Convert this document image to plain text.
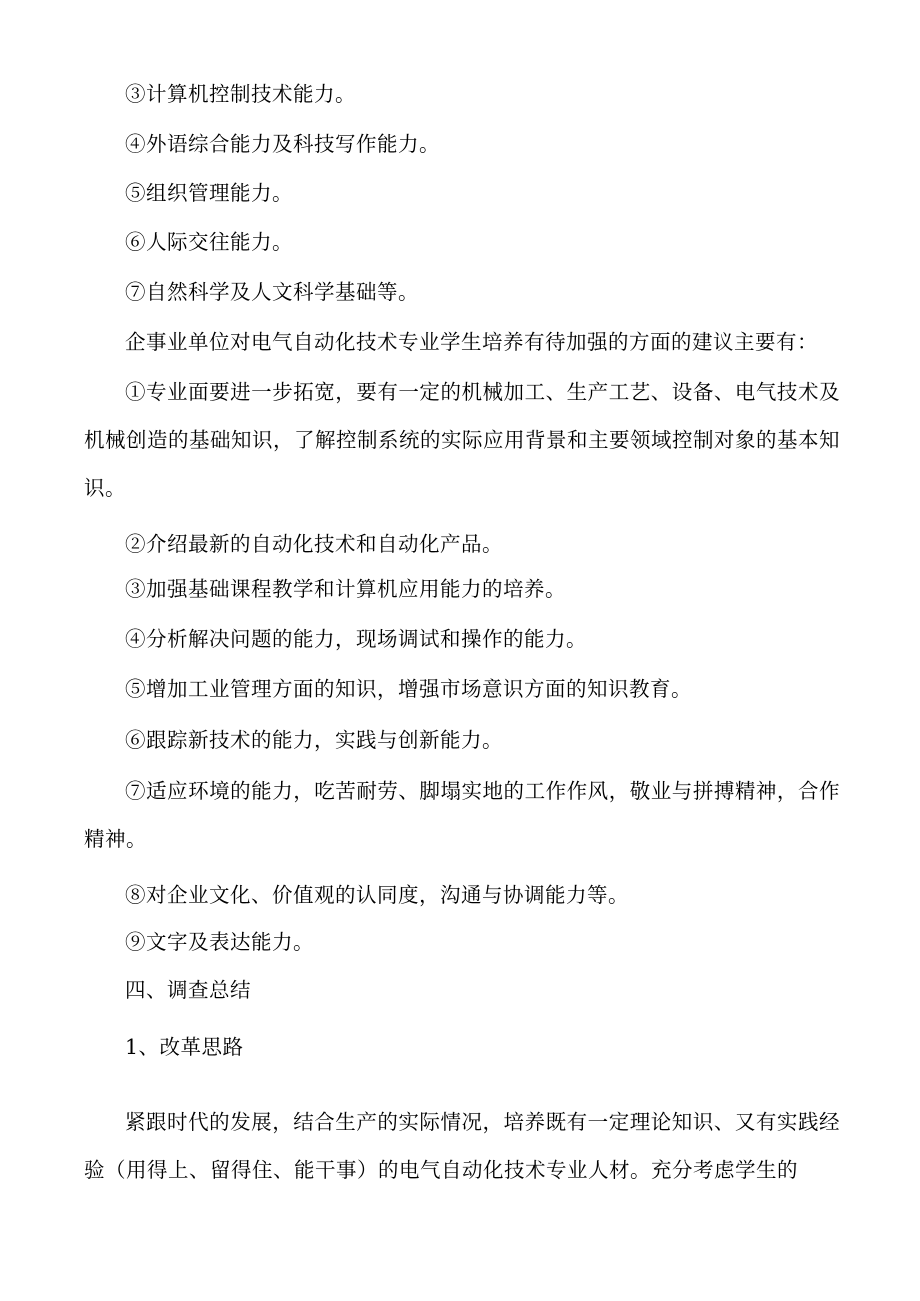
③计算机控制技术能力。

④外语综合能力及科技写作能力。

⑤组织管理能力。

⑥人际交往能力。

⑦自然科学及人文科学基础等。

企事业单位对电气自动化技术专业学生培养有待加强的方面的建议主要有：

①专业面要进一步拓宽，要有一定的机械加工、生产工艺、设备、电气技术及机械创造的基础知识，了解控制系统的实际应用背景和主要领域控制对象的基本知识。

②介绍最新的自动化技术和自动化产品。

③加强基础课程教学和计算机应用能力的培养。

④分析解决问题的能力，现场调试和操作的能力。

⑤增加工业管理方面的知识，增强市场意识方面的知识教育。

⑥跟踪新技术的能力，实践与创新能力。

⑦适应环境的能力，吃苦耐劳、脚塌实地的工作作风，敬业与拼搏精神，合作精神。

⑧对企业文化、价值观的认同度，沟通与协调能力等。

⑨文字及表达能力。

四、调查总结

1、改革思路

紧跟时代的发展，结合生产的实际情况，培养既有一定理论知识、又有实践经验（用得上、留得住、能干事）的电气自动化技术专业人材。充分考虑学生的
